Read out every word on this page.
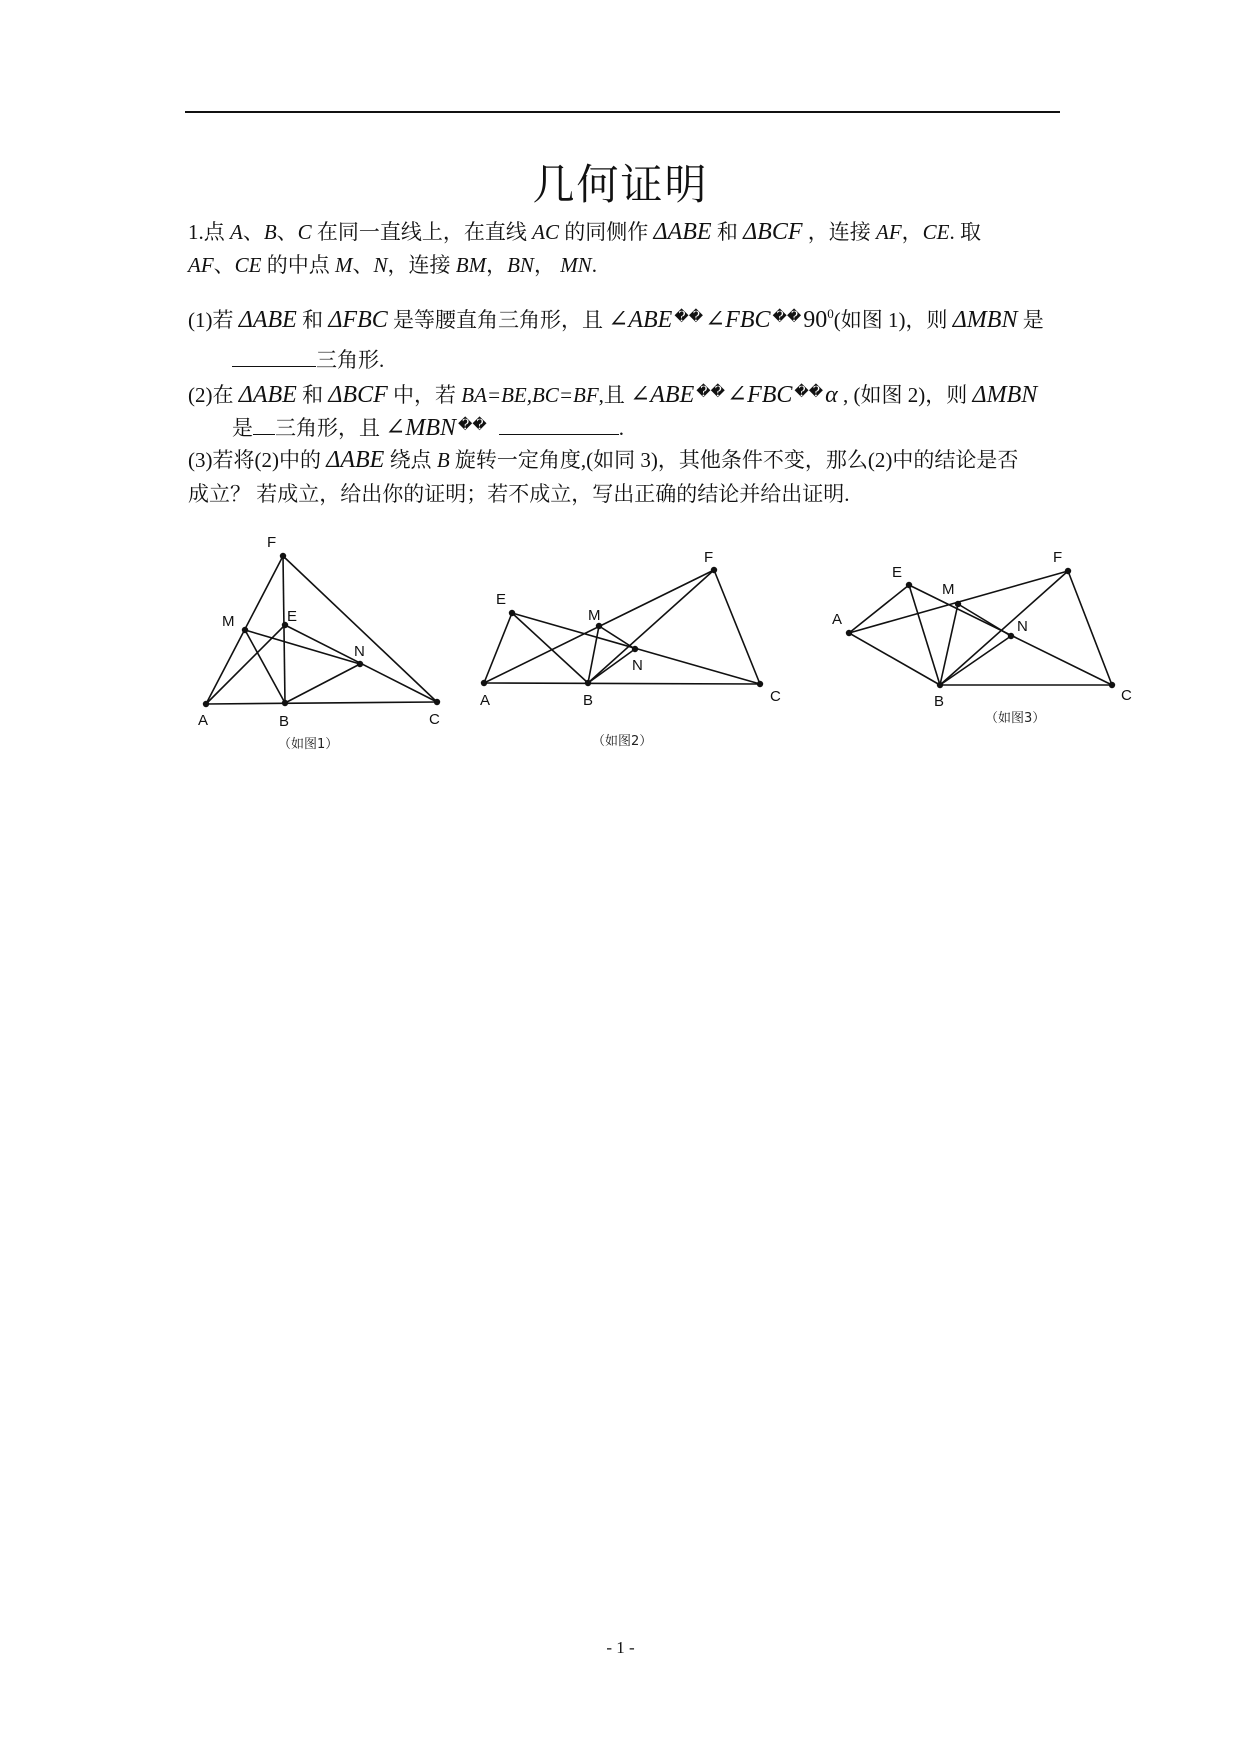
几何证明
1.点 A、B、C 在同一直线上，在直线 AC 的同侧作 ΔABE 和 ΔBCF ，连接 AF，CE. 取
AF、CE 的中点 M、N，连接 BM，BN， MN.
(1)若 ΔABE 和 ΔFBC 是等腰直角三角形，且 ∠ABE ��∠FBC $^{��}90^0$(如图 1)，则 ΔMBN 是
三角形.
(2)在 ΔABE 和 ΔBCF 中，若 BA=BE,BC=BF,且 ∠ABE ��∠FBC ��α , (如图 2)，则 ΔMBN
是 三角形，且 ∠MBN ��	.
(3)若将(2)中的 ΔABE 绕点 B 旋转一定角度,(如同 3)，其他条件不变，那么(2)中的结论是否
成立？ 若成立，给出你的证明；若不成立，写出正确的结论并给出证明.
A	B	C
E
F
M
N
（如图1）
A	B	C
E
F
M
N
（如图2）
A
B	C
E
F
M
N
（如图3）
- 1 -
